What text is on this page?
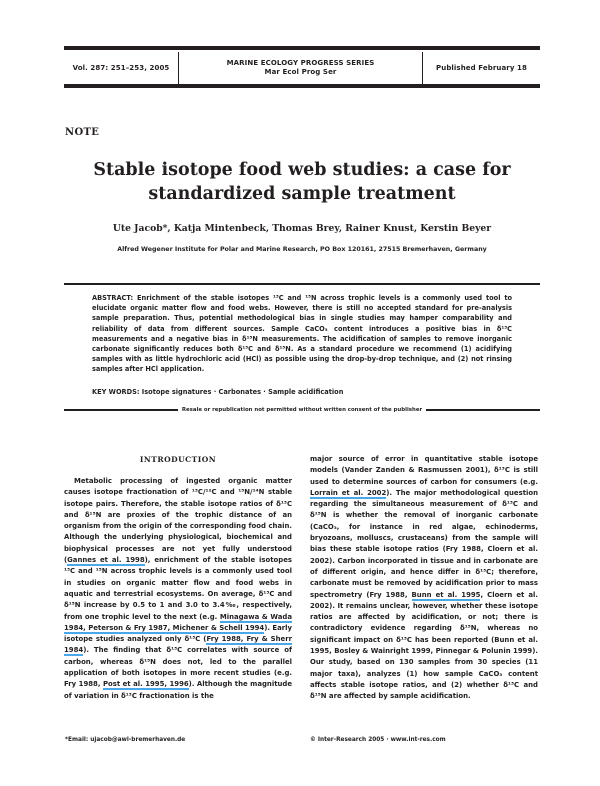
Vol. 287: 251–253, 2005
MARINE ECOLOGY PROGRESS SERIES
Mar Ecol Prog Ser
Published February 18
NOTE
Stable isotope food web studies: a case for
standardized sample treatment
Ute Jacob*, Katja Mintenbeck, Thomas Brey, Rainer Knust, Kerstin Beyer
Alfred Wegener Institute for Polar and Marine Research, PO Box 120161, 27515 Bremerhaven, Germany
ABSTRACT: Enrichment of the stable isotopes ¹³C and ¹⁵N across trophic levels is a commonly used tool to elucidate organic matter flow and food webs. However, there is still no accepted standard for pre-analysis sample preparation. Thus, potential methodological bias in single studies may hamper comparability and reliability of data from different sources. Sample CaCO₃ content introduces a positive bias in δ¹³C measurements and a negative bias in δ¹⁵N measurements. The acidification of samples to remove inorganic carbonate significantly reduces both δ¹³C and δ¹⁵N. As a standard procedure we recommend (1) acidifying samples with as little hydrochloric acid (HCl) as possible using the drop-by-drop technique, and (2) not rinsing samples after HCl application.
KEY WORDS: Isotope signatures · Carbonates · Sample acidification
Resale or republication not permitted without written consent of the publisher
INTRODUCTION

Metabolic processing of ingested organic matter causes isotope fractionation of ¹³C/¹²C and ¹⁵N/¹⁴N stable isotope pairs. Therefore, the stable isotope ratios of δ¹³C and δ¹⁵N are proxies of the trophic distance of an organism from the origin of the corresponding food chain. Although the underlying physiological, biochemical and biophysical processes are not yet fully understood (Gannes et al. 1998), enrichment of the stable isotopes ¹³C and ¹⁵N across trophic levels is a commonly used tool in studies on organic matter flow and food webs in aquatic and terrestrial ecosystems. On average, δ¹³C and δ¹⁵N increase by 0.5 to 1 and 3.0 to 3.4‰, respectively, from one trophic level to the next (e.g. Minagawa & Wada 1984, Peterson & Fry 1987, Michener & Schell 1994). Early isotope studies analyzed only δ¹³C (Fry 1988, Fry & Sherr 1984). The finding that δ¹³C correlates with source of carbon, whereas δ¹⁵N does not, led to the parallel application of both isotopes in more recent studies (e.g. Fry 1988, Post et al. 1995, 1996). Although the magnitude of variation in δ¹³C fractionation is the

major source of error in quantitative stable isotope models (Vander Zanden & Rasmussen 2001), δ¹³C is still used to determine sources of carbon for consumers (e.g. Lorrain et al. 2002). The major methodological question regarding the simultaneous measurement of δ¹³C and δ¹⁵N is whether the removal of inorganic carbonate (CaCO₃, for instance in red algae, echinoderms, bryozoans, molluscs, crustaceans) from the sample will bias these stable isotope ratios (Fry 1988, Cloern et al. 2002). Carbon incorporated in tissue and in carbonate are of different origin, and hence differ in δ¹³C; therefore, carbonate must be removed by acidification prior to mass spectrometry (Fry 1988, Bunn et al. 1995, Cloern et al. 2002). It remains unclear, however, whether these isotope ratios are affected by acidification, or not; there is contradictory evidence regarding δ¹⁵N, whereas no significant impact on δ¹³C has been reported (Bunn et al. 1995, Bosley & Wainright 1999, Pinnegar & Polunin 1999). Our study, based on 130 samples from 30 species (11 major taxa), analyzes (1) how sample CaCO₃ content affects stable isotope ratios, and (2) whether δ¹³C and δ¹⁵N are affected by sample acidification.

*Email: ujacob@awi-bremerhaven.de	© Inter-Research 2005 · www.int-res.com
